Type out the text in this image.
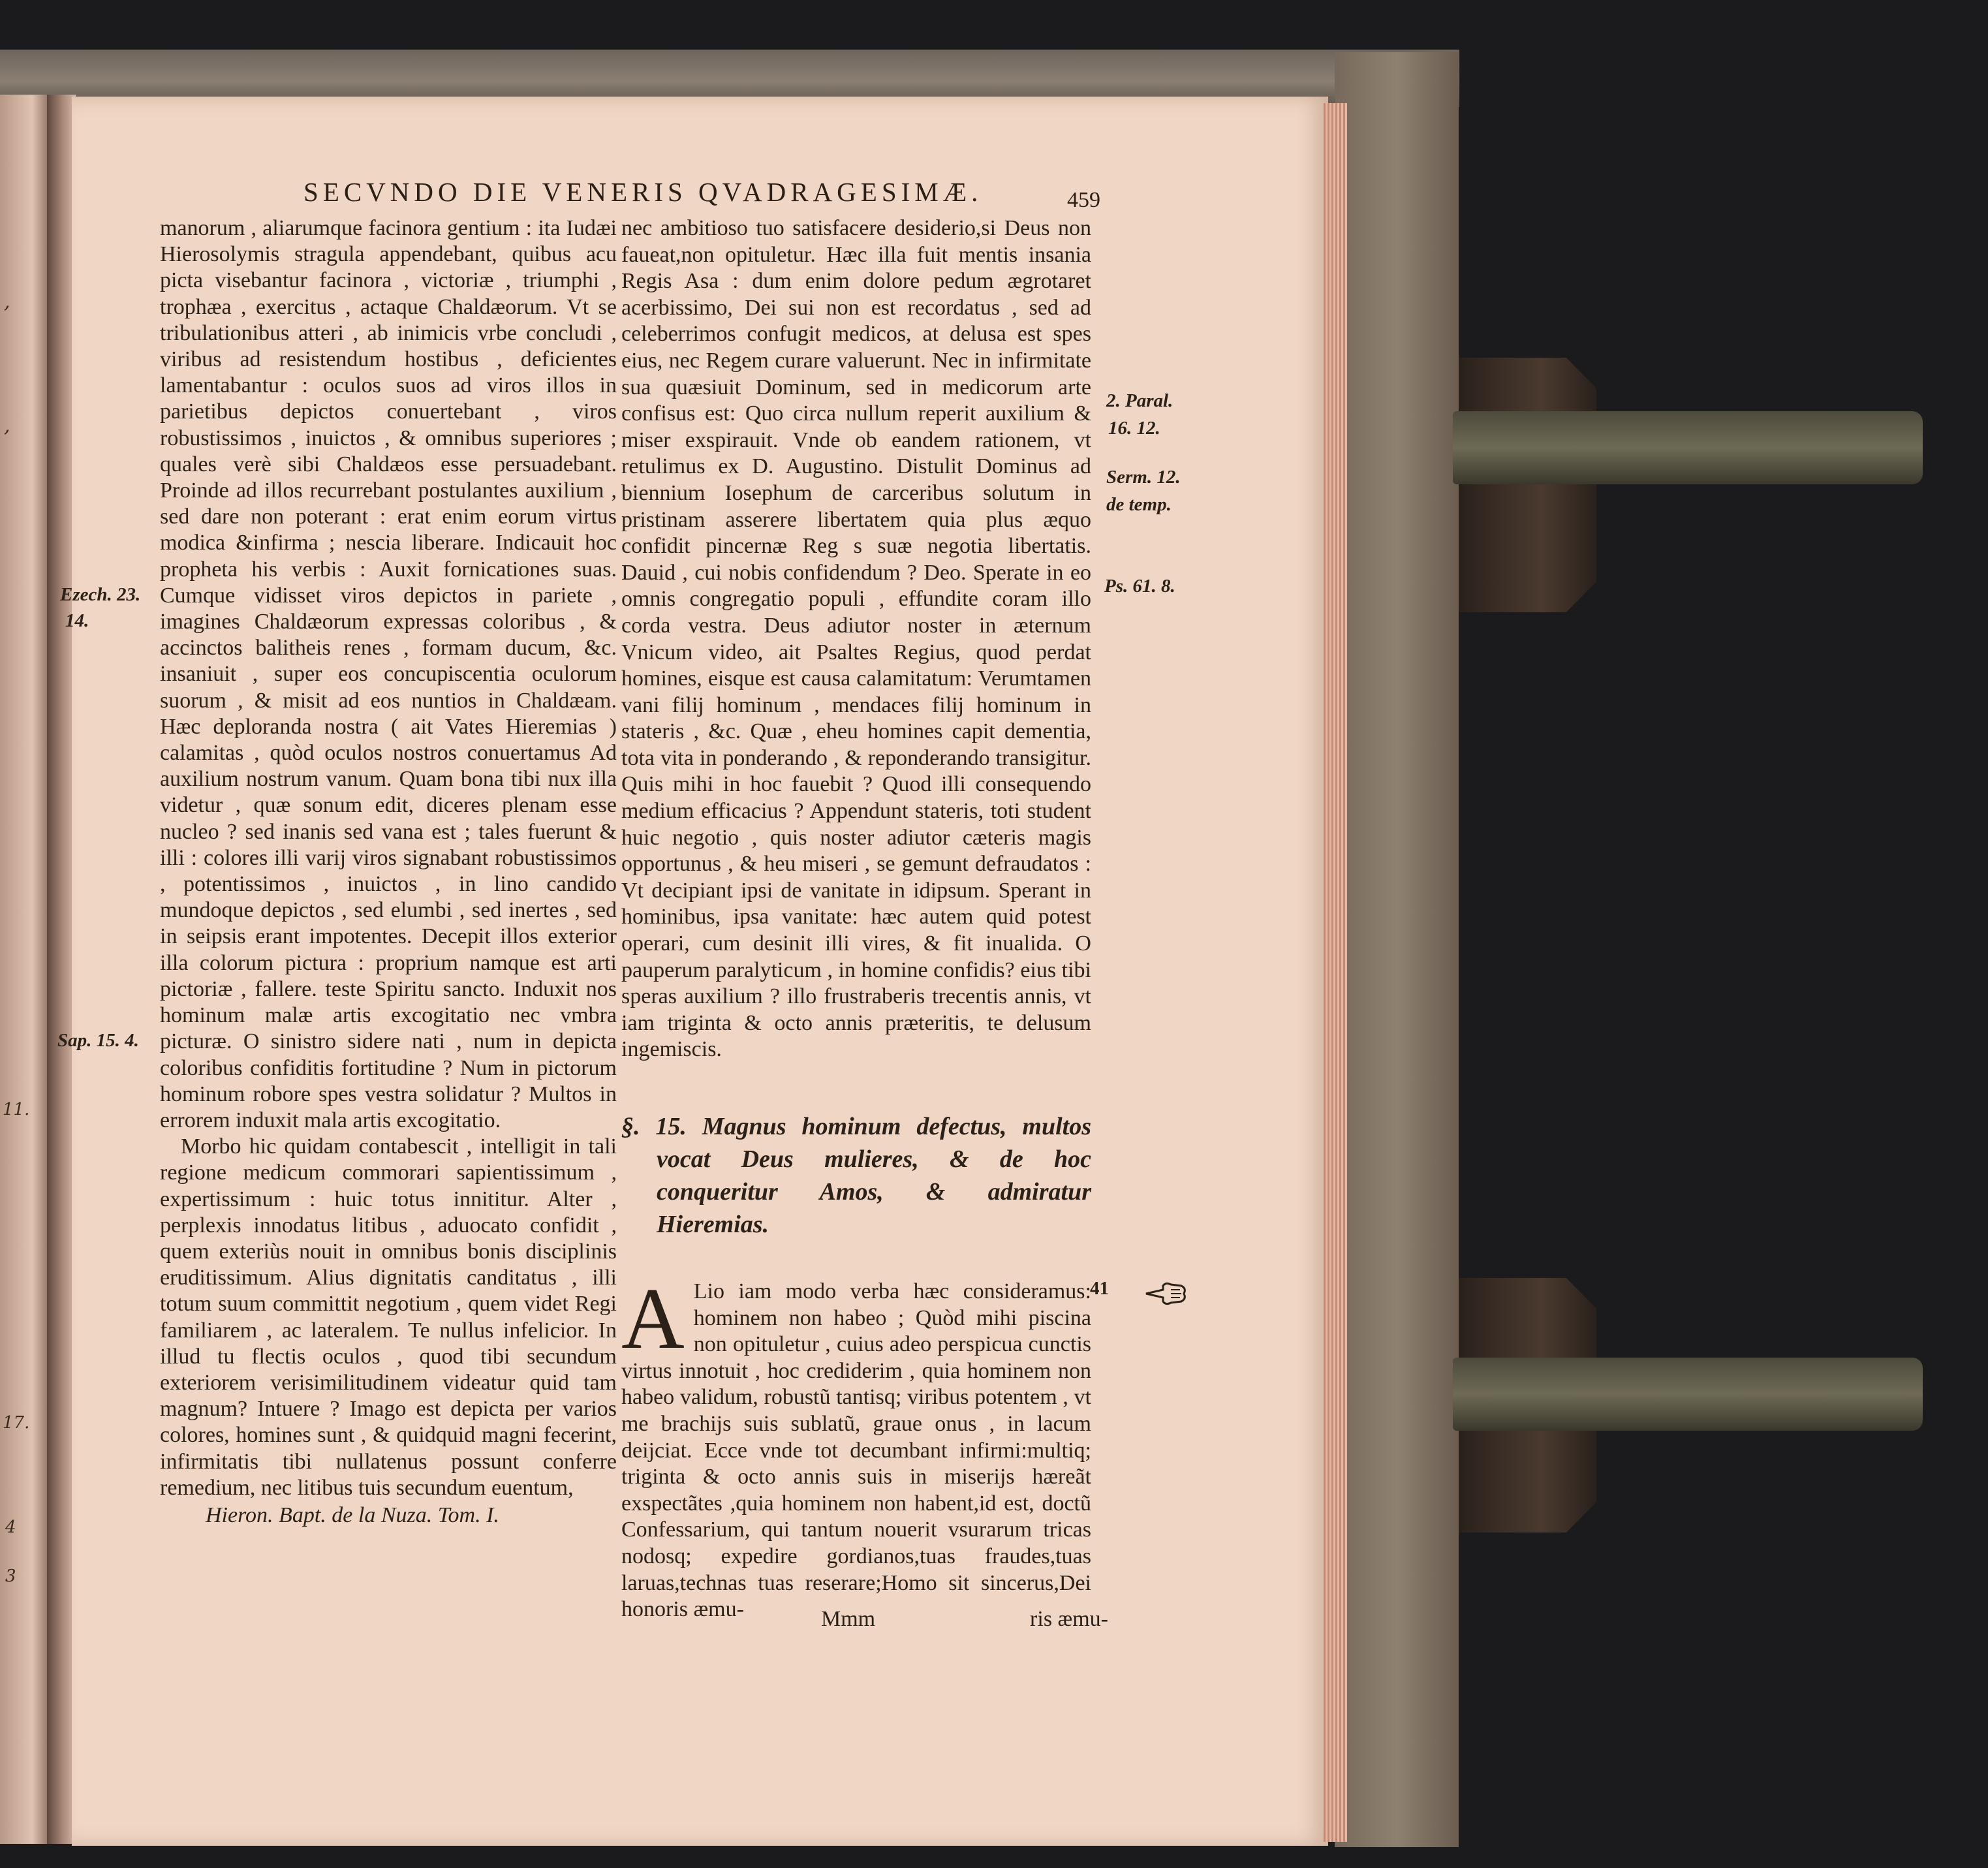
,
,
11.
17.
4
3
SECVNDO DIE VENERIS QVADRAGESIMÆ.	459

manorum , aliarumque facinora gentium : ita Iudæi Hierosolymis stragula appendebant, quibus acu picta visebantur facinora , victoriæ , triumphi , trophæa , exercitus , actaque Chaldæorum. Vt se tribulationibus atteri , ab inimicis vrbe concludi , viribus ad resistendum hostibus , deficientes lamentabantur : oculos suos ad viros illos in parietibus depictos conuertebant , viros robustissimos , inuictos , & omnibus superiores ; quales verè sibi Chaldæos esse persuadebant. Proinde ad illos recurrebant postulantes auxilium , sed dare non poterant : erat enim eorum virtus modica &infirma ; nescia liberare. Indicauit hoc propheta his verbis : Auxit fornicationes suas. Cumque vidisset viros depictos in pariete , imagines Chaldæorum expressas coloribus , & accinctos balitheis renes , formam ducum, &c. insaniuit , super eos concupiscentia oculorum suorum , & misit ad eos nuntios in Chaldæam. Hæc deploranda nostra ( ait Vates Hieremias ) calamitas , quòd oculos nostros conuertamus Ad auxilium nostrum vanum. Quam bona tibi nux illa videtur , quæ sonum edit, diceres plenam esse nucleo ? sed inanis sed vana est ; tales fuerunt & illi : colores illi varij viros signabant robustissimos , potentissimos , inuictos , in lino candido mundoque depictos , sed elumbi , sed inertes , sed in seipsis erant impotentes. Decepit illos exterior illa colorum pictura : proprium namque est arti pictoriæ , fallere. teste Spiritu sancto. Induxit nos hominum malæ artis excogitatio nec vmbra picturæ. O sinistro sidere nati , num in depicta coloribus confiditis fortitudine ? Num in pictorum hominum robore spes vestra solidatur ? Multos in errorem induxit mala artis excogitatio.

Morbo hic quidam contabescit , intelligit in tali regione medicum commorari sapientissimum , expertissimum : huic totus innititur. Alter , perplexis innodatus litibus , aduocato confidit , quem exteriùs nouit in omnibus bonis disciplinis eruditissimum. Alius dignitatis canditatus , illi totum suum committit negotium , quem videt Regi familiarem , ac lateralem. Te nullus infelicior. In illud tu flectis oculos , quod tibi secundum exteriorem verisimilitudinem videatur quid tam magnum? Intuere ? Imago est depicta per varios colores, homines sunt , & quidquid magni fecerint, infirmitatis tibi nullatenus possunt conferre remedium, nec litibus tuis secundum euentum,

Hieron. Bapt. de la Nuza. Tom. I.

nec ambitioso tuo satisfacere desiderio,si Deus non faueat,non opituletur. Hæc illa fuit mentis insania Regis Asa : dum enim dolore pedum ægrotaret acerbissimo, Dei sui non est recordatus , sed ad celeberrimos confugit medicos, at delusa est spes eius, nec Regem curare valuerunt. Nec in infirmitate sua quæsiuit Dominum, sed in medicorum arte confisus est: Quo circa nullum reperit auxilium & miser exspirauit. Vnde ob eandem rationem, vt retulimus ex D. Augustino. Distulit Dominus ad biennium Iosephum de carceribus solutum in pristinam asserere libertatem quia plus æquo confidit pincernæ Reg s suæ negotia libertatis. Dauid , cui nobis confidendum ? Deo. Sperate in eo omnis congregatio populi , effundite coram illo corda vestra. Deus adiutor noster in æternum Vnicum video, ait Psaltes Regius, quod perdat homines, eisque est causa calamitatum: Verumtamen vani filij hominum , mendaces filij hominum in stateris , &c. Quæ , eheu homines capit dementia, tota vita in ponderando , & reponderando transigitur. Quis mihi in hoc fauebit ? Quod illi consequendo medium efficacius ? Appendunt stateris, toti student huic negotio , quis noster adiutor cæteris magis opportunus , & heu miseri , se gemunt defraudatos : Vt decipiant ipsi de vanitate in idipsum. Sperant in hominibus, ipsa vanitate: hæc autem quid potest operari, cum desinit illi vires, & fit inualida. O pauperum paralyticum , in homine confidis? eius tibi speras auxilium ? illo frustraberis trecentis annis, vt iam triginta & octo annis præteritis, te delusum ingemiscis.

§. 15. Magnus hominum defectus, multos vocat Deus mulieres, & de hoc conqueritur Amos, & admiratur Hieremias.

A Lio iam modo verba hæc consideramus: hominem non habeo ; Quòd mihi piscina non opituletur , cuius adeo perspicua cunctis virtus innotuit , hoc crediderim , quia hominem non habeo validum, robustũ tantisq; viribus potentem , vt me brachijs suis sublatũ, graue onus , in lacum deijciat. Ecce vnde tot decumbant infirmi:multiq; triginta & octo annis suis in miserijs hæreãt exspectãtes ,quia hominem non habent,id est, doctũ Confessarium, qui tantum nouerit vsurarum tricas nodosq; expedire gordianos,tuas fraudes,tuas laruas,technas tuas reserare;Homo sit sincerus,Dei honoris æmu-	Mmm	ris æmu-
Ezech. 23.
14.
Sap. 15. 4.
2. Paral.
16. 12.
Serm. 12.
de temp.
Ps. 61. 8.
41
